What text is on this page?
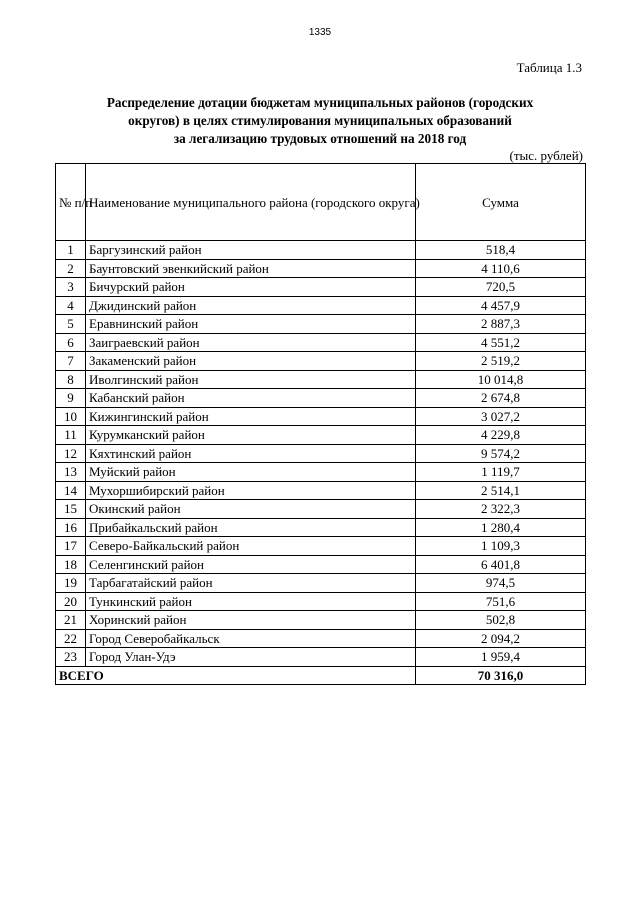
1335
Таблица 1.3
Распределение дотации бюджетам муниципальных районов (городских
округов) в целях стимулирования муниципальных образований
за легализацию трудовых отношений на 2018 год
(тыс. рублей)
№ п/п	Наименование муниципального района (городского округа)	Сумма
1	Баргузинский район	518,4
2	Баунтовский эвенкийский район	4 110,6
3	Бичурский район	720,5
4	Джидинский район	4 457,9
5	Еравнинский район	2 887,3
6	Заиграевский район	4 551,2
7	Закаменский район	2 519,2
8	Иволгинский район	10 014,8
9	Кабанский район	2 674,8
10	Кижингинский район	3 027,2
11	Курумканский район	4 229,8
12	Кяхтинский район	9 574,2
13	Муйский район	1 119,7
14	Мухоршибирский район	2 514,1
15	Окинский район	2 322,3
16	Прибайкальский район	1 280,4
17	Северо-Байкальский район	1 109,3
18	Селенгинский район	6 401,8
19	Тарбагатайский район	974,5
20	Тункинский район	751,6
21	Хоринский район	502,8
22	Город Северобайкальск	2 094,2
23	Город Улан-Удэ	1 959,4
ВСЕГО		70 316,0
